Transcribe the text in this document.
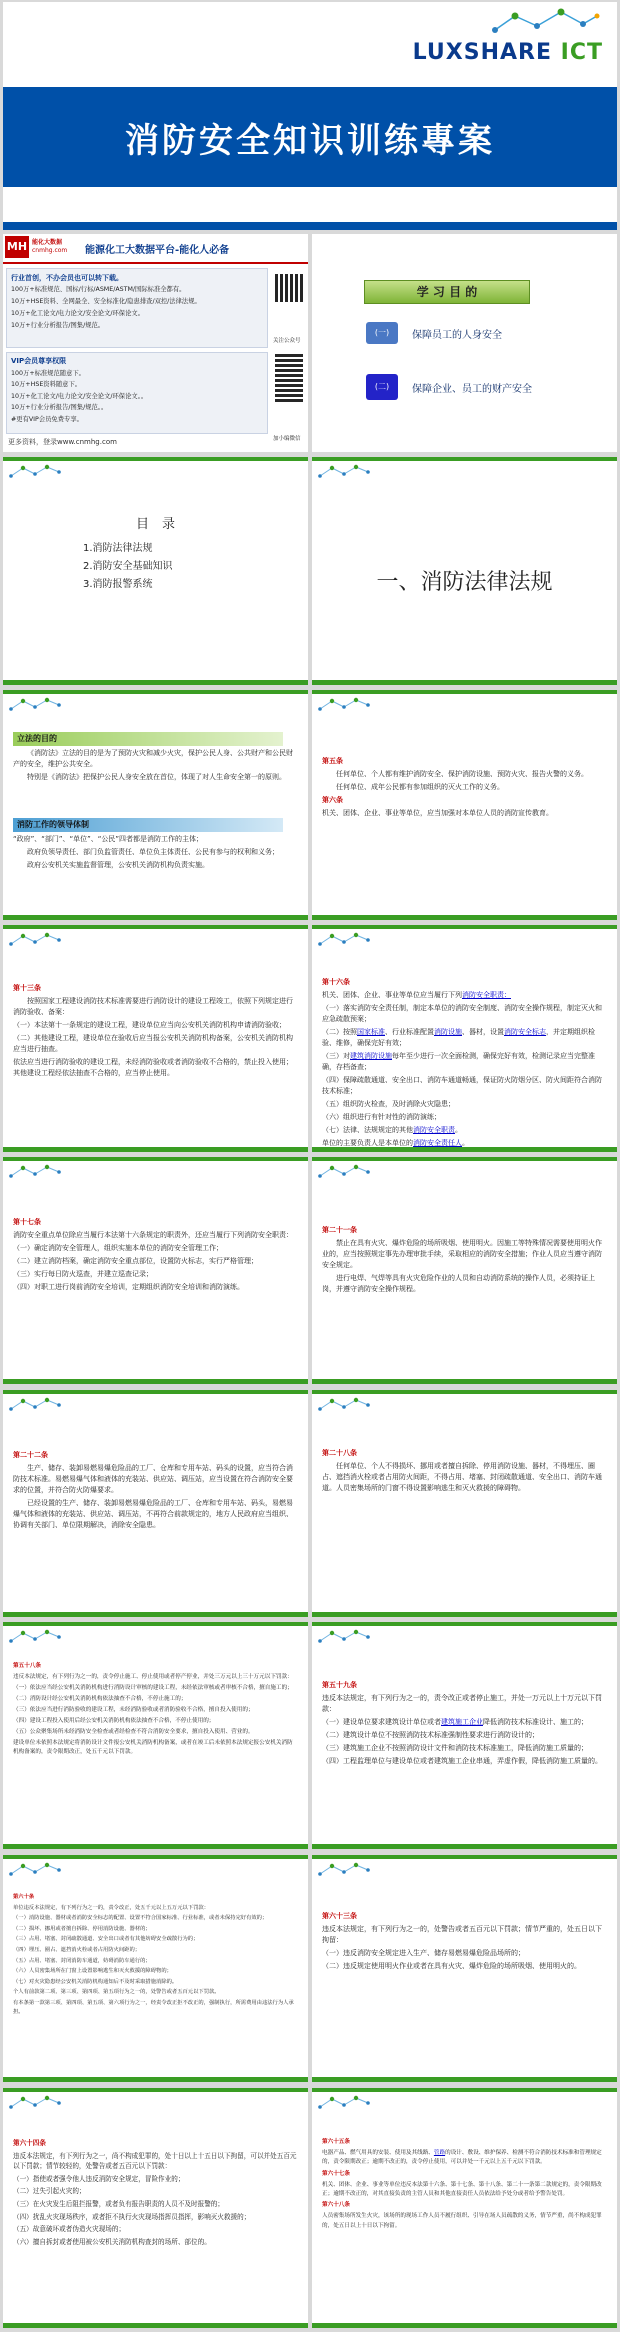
LUXSHARE ICT
消防安全知识训练專案
MH 能化大数据
cnmhg.com 能源化工大数据平台-能化人必备
行业首创，不办会员也可以转下载。
100万+标准规范、国标/行标/ASME/ASTM/国际标准全都有。
10万+HSE资料、全网最全、安全标准化/隐患排查/双控/法律法规。
10万+化工论文/电力论文/安全论文/环保论文。
10万+行业分析报告/图集/规范。
VIP会员尊享权限
100万+标准规范随意下。
10万+HSE资料随意下。
10万+化工论文/电力论文/安全论文/环保论文。。
10万+行业分析报告/图集/规范。。
#更有VIP会员免费专享。
更多资料，登录www.cnmhg.com
关注公众号
加小编微信
学 习 目 的
(一)	保障员工的人身安全
(二)	保障企业、员工的财产安全
目　录
1.消防法律法规
2.消防安全基础知识
3.消防报警系统	一、消防法律法规
立法的目的
《消防法》立法的目的是为了预防火灾和减少火灾，保护公民人身、公共财产和公民财产的安全，维护公共安全。
特别是《消防法》把保护公民人身安全放在首位，体现了对人生命安全第一的原则。
消防工作的领导体制
“政府”、“部门”、“单位”、“公民”四者都是消防工作的主体；
政府负领导责任、部门负监管责任、单位负主体责任、公民有参与的权利和义务；
政府公安机关实施监督管理，公安机关消防机构负责实施。
第五条
任何单位、个人都有维护消防安全、保护消防设施、预防火灾、报告火警的义务。
任何单位、成年公民都有参加组织的灭火工作的义务。
第六条
机关、团体、企业、事业等单位，应当加强对本单位人员的消防宣传教育。
第十三条
按照国家工程建设消防技术标准需要进行消防设计的建设工程竣工，依照下列规定进行消防验收、备案：
（一）本法第十一条规定的建设工程，建设单位应当向公安机关消防机构申请消防验收；
（二）其他建设工程，建设单位在验收后应当报公安机关消防机构备案，公安机关消防机构应当进行抽查。
依法应当进行消防验收的建设工程，未经消防验收或者消防验收不合格的，禁止投入使用；其他建设工程经依法抽查不合格的，应当停止使用。
第十六条
机关、团体、企业、事业等单位应当履行下列消防安全职责：
（一）落实消防安全责任制，制定本单位的消防安全制度、消防安全操作规程，制定灭火和应急疏散预案；
（二）按照国家标准、行业标准配置消防设施、器材，设置消防安全标志，并定期组织检验、维修，确保完好有效；
（三）对建筑消防设施每年至少进行一次全面检测，确保完好有效，检测记录应当完整准确，存档备查；
（四）保障疏散通道、安全出口、消防车通道畅通，保证防火防烟分区、防火间距符合消防技术标准；
（五）组织防火检查，及时消除火灾隐患；
（六）组织进行有针对性的消防演练；
（七）法律、法规规定的其他消防安全职责。
单位的主要负责人是本单位的消防安全责任人。
第十七条
消防安全重点单位除应当履行本法第十六条规定的职责外，还应当履行下列消防安全职责：
（一）确定消防安全管理人，组织实施本单位的消防安全管理工作；
（二）建立消防档案，确定消防安全重点部位，设置防火标志，实行严格管理；
（三）实行每日防火巡查，并建立巡查记录；
（四）对职工进行岗前消防安全培训，定期组织消防安全培训和消防演练。
第二十一条
禁止在具有火灾、爆炸危险的场所吸烟、使用明火。因施工等特殊情况需要使用明火作业的，应当按照规定事先办理审批手续，采取相应的消防安全措施；作业人员应当遵守消防安全规定。
进行电焊、气焊等具有火灾危险作业的人员和自动消防系统的操作人员，必须持证上岗，并遵守消防安全操作规程。
第二十二条
生产、储存、装卸易燃易爆危险品的工厂、仓库和专用车站、码头的设置，应当符合消防技术标准。易燃易爆气体和液体的充装站、供应站、调压站，应当设置在符合消防安全要求的位置，并符合防火防爆要求。
已经设置的生产、储存、装卸易燃易爆危险品的工厂、仓库和专用车站、码头，易燃易爆气体和液体的充装站、供应站、调压站，不再符合前款规定的，地方人民政府应当组织、协调有关部门、单位限期解决，消除安全隐患。
第二十八条
任何单位、个人不得损坏、挪用或者擅自拆除、停用消防设施、器材，不得埋压、圈占、遮挡消火栓或者占用防火间距，不得占用、堵塞、封闭疏散通道、安全出口、消防车通道。人员密集场所的门窗不得设置影响逃生和灭火救援的障碍物。
第五十八条
违反本法规定，有下列行为之一的，责令停止施工、停止使用或者停产停业，并处三万元以上三十万元以下罚款：
（一）依法应当经公安机关消防机构进行消防设计审核的建设工程，未经依法审核或者审核不合格，擅自施工的；
（二）消防设计经公安机关消防机构依法抽查不合格，不停止施工的；
（三）依法应当进行消防验收的建设工程，未经消防验收或者消防验收不合格，擅自投入使用的；
（四）建设工程投入使用后经公安机关消防机构依法抽查不合格，不停止使用的；
（五）公众聚集场所未经消防安全检查或者经检查不符合消防安全要求，擅自投入使用、营业的。
建设单位未依照本法规定将消防设计文件报公安机关消防机构备案，或者在竣工后未依照本法规定报公安机关消防机构备案的，责令限期改正，处五千元以下罚款。
第五十九条
违反本法规定，有下列行为之一的，责令改正或者停止施工，并处一万元以上十万元以下罚款：
（一）建设单位要求建筑设计单位或者建筑施工企业降低消防技术标准设计、施工的；
（二）建筑设计单位不按照消防技术标准强制性要求进行消防设计的；
（三）建筑施工企业不按照消防设计文件和消防技术标准施工，降低消防施工质量的；
（四）工程监理单位与建设单位或者建筑施工企业串通，弄虚作假，降低消防施工质量的。
第六十条
单位违反本法规定，有下列行为之一的，责令改正，处五千元以上五万元以下罚款：
（一）消防设施、器材或者消防安全标志的配置、设置不符合国家标准、行业标准，或者未保持完好有效的；
（二）损坏、挪用或者擅自拆除、停用消防设施、器材的；
（三）占用、堵塞、封闭疏散通道、安全出口或者有其他妨碍安全疏散行为的；
（四）埋压、圈占、遮挡消火栓或者占用防火间距的；
（五）占用、堵塞、封闭消防车通道，妨碍消防车通行的；
（六）人员密集场所在门窗上设置影响逃生和灭火救援的障碍物的；
（七）对火灾隐患经公安机关消防机构通知后不及时采取措施消除的。
个人有前款第二项、第三项、第四项、第五项行为之一的，处警告或者五百元以下罚款。
有本条第一款第三项、第四项、第五项、第六项行为之一，经责令改正拒不改正的，强制执行，所需费用由违法行为人承担。
第六十三条
违反本法规定，有下列行为之一的，处警告或者五百元以下罚款；情节严重的，处五日以下拘留：
（一）违反消防安全规定进入生产、储存易燃易爆危险品场所的；
（二）违反规定使用明火作业或者在具有火灾、爆炸危险的场所吸烟、使用明火的。
第六十四条
违反本法规定，有下列行为之一，尚不构成犯罪的，处十日以上十五日以下拘留，可以并处五百元以下罚款；情节较轻的，处警告或者五百元以下罚款：
（一）指使或者强令他人违反消防安全规定，冒险作业的；
（二）过失引起火灾的；
（三）在火灾发生后阻拦报警，或者负有报告职责的人员不及时报警的；
（四）扰乱火灾现场秩序，或者拒不执行火灾现场指挥员指挥，影响灭火救援的；
（五）故意破坏或者伪造火灾现场的；
（六）擅自拆封或者使用被公安机关消防机构查封的场所、部位的。
第六十五条
电器产品、燃气用具的安装、使用及其线路、管路的设计、敷设、维护保养、检测不符合消防技术标准和管理规定的，责令限期改正；逾期不改正的，责令停止使用，可以并处一千元以上五千元以下罚款。
第六十七条
机关、团体、企业、事业等单位违反本法第十六条、第十七条、第十八条、第二十一条第二款规定的，责令限期改正；逾期不改正的，对其直接负责的主管人员和其他直接责任人员依法给予处分或者给予警告处罚。
第六十八条
人员密集场所发生火灾，该场所的现场工作人员不履行组织、引导在场人员疏散的义务，情节严重，尚不构成犯罪的，处五日以上十日以下拘留。
